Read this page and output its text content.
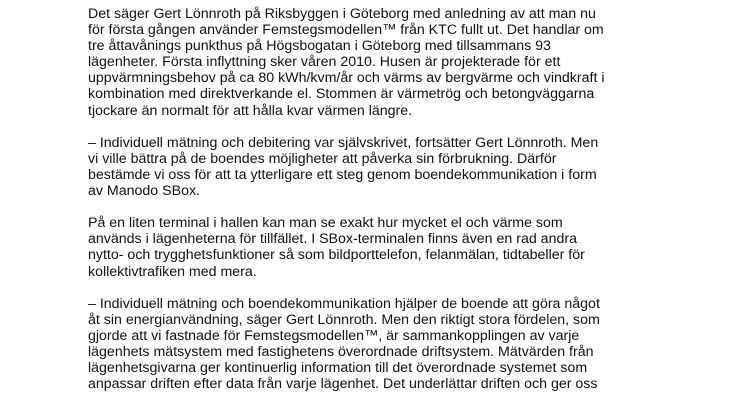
Det säger Gert Lönnroth på Riksbyggen i Göteborg med anledning av att man nu
för första gången använder Femstegsmodellen™ från KTC fullt ut. Det handlar om
tre åttavånings punkthus på Högsbogatan i Göteborg med tillsammans 93
lägenheter. Första inflyttning sker våren 2010. Husen är projekterade för ett
uppvärmningsbehov på ca 80 kWh/kvm/år och värms av bergvärme och vindkraft i
kombination med direktverkande el. Stommen är värmetrög och betongväggarna
tjockare än normalt för att hålla kvar värmen längre.

– Individuell mätning och debitering var självskrivet, fortsätter Gert Lönnroth. Men
vi ville bättra på de boendes möjligheter att påverka sin förbrukning. Därför
bestämde vi oss för att ta ytterligare ett steg genom boendekommunikation i form
av Manodo SBox.

På en liten terminal i hallen kan man se exakt hur mycket el och värme som
används i lägenheterna för tillfället. I SBox-terminalen finns även en rad andra
nytto- och trygghetsfunktioner så som bildporttelefon, felanmälan, tidtabeller för
kollektivtrafiken med mera.

– Individuell mätning och boendekommunikation hjälper de boende att göra något
åt sin energianvändning, säger Gert Lönnroth. Men den riktigt stora fördelen, som
gjorde att vi fastnade för Femstegsmodellen™, är sammankopplingen av varje
lägenhets mätsystem med fastighetens överordnade driftsystem. Mätvärden från
lägenhetsgivarna ger kontinuerlig information till det överordnade systemet som
anpassar driften efter data från varje lägenhet. Det underlättar driften och ger oss
